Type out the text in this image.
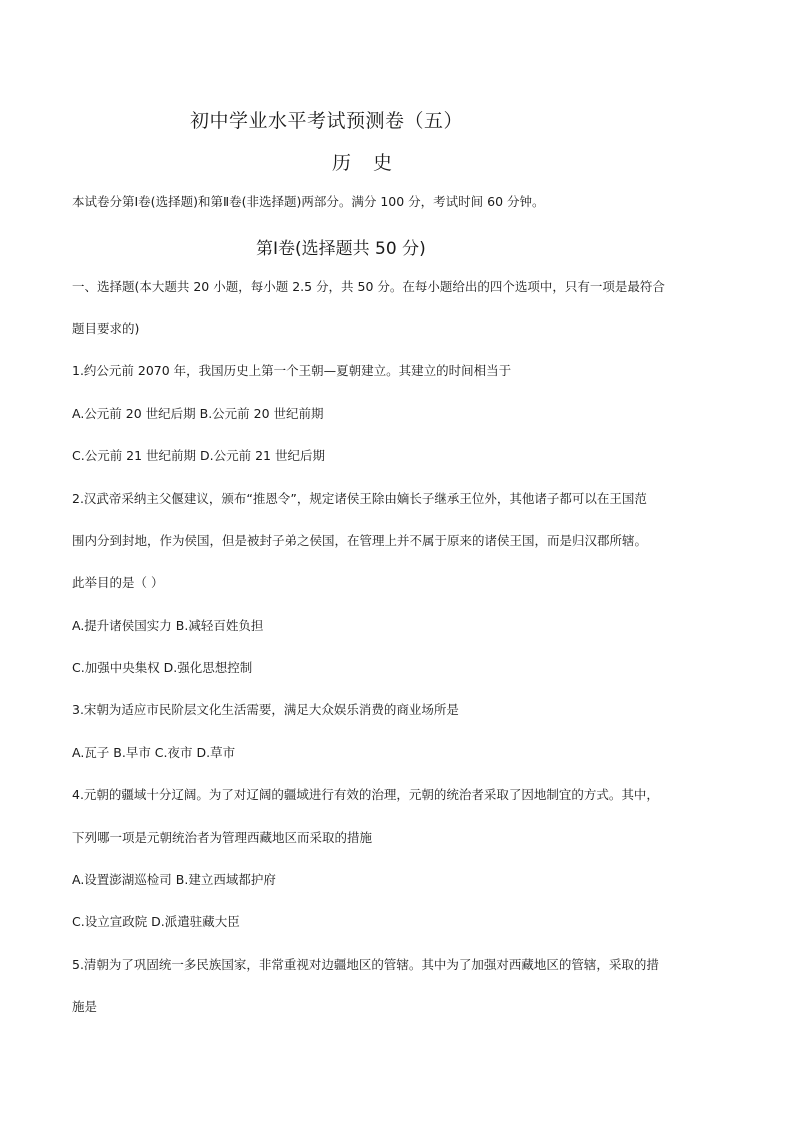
初中学业水平考试预测卷（五）
历 史
本试卷分第Ⅰ卷(选择题)和第Ⅱ卷(非选择题)两部分。满分 100 分，考试时间 60 分钟。
第Ⅰ卷(选择题共 50 分)
一、选择题(本大题共 20 小题，每小题 2.5 分，共 50 分。在每小题给出的四个选项中，只有一项是最符合
题目要求的)
1.约公元前 2070 年，我国历史上第一个王朝—夏朝建立。其建立的时间相当于
A.公元前 20 世纪后期 B.公元前 20 世纪前期
C.公元前 21 世纪前期 D.公元前 21 世纪后期
2.汉武帝采纳主父偃建议，颁布“推恩令”，规定诸侯王除由嫡长子继承王位外，其他诸子都可以在王国范
围内分到封地，作为侯国，但是被封子弟之侯国，在管理上并不属于原来的诸侯王国，而是归汉郡所辖。
此举目的是（ ）
A.提升诸侯国实力 B.减轻百姓负担
C.加强中央集权 D.强化思想控制
3.宋朝为适应市民阶层文化生活需要，满足大众娱乐消费的商业场所是
A.瓦子 B.早市 C.夜市 D.草市
4.元朝的疆域十分辽阔。为了对辽阔的疆域进行有效的治理，元朝的统治者采取了因地制宜的方式。其中，
下列哪一项是元朝统治者为管理西藏地区而采取的措施
A.设置澎湖巡检司 B.建立西域都护府
C.设立宣政院 D.派遣驻藏大臣
5.清朝为了巩固统一多民族国家，非常重视对边疆地区的管辖。其中为了加强对西藏地区的管辖，采取的措
施是
